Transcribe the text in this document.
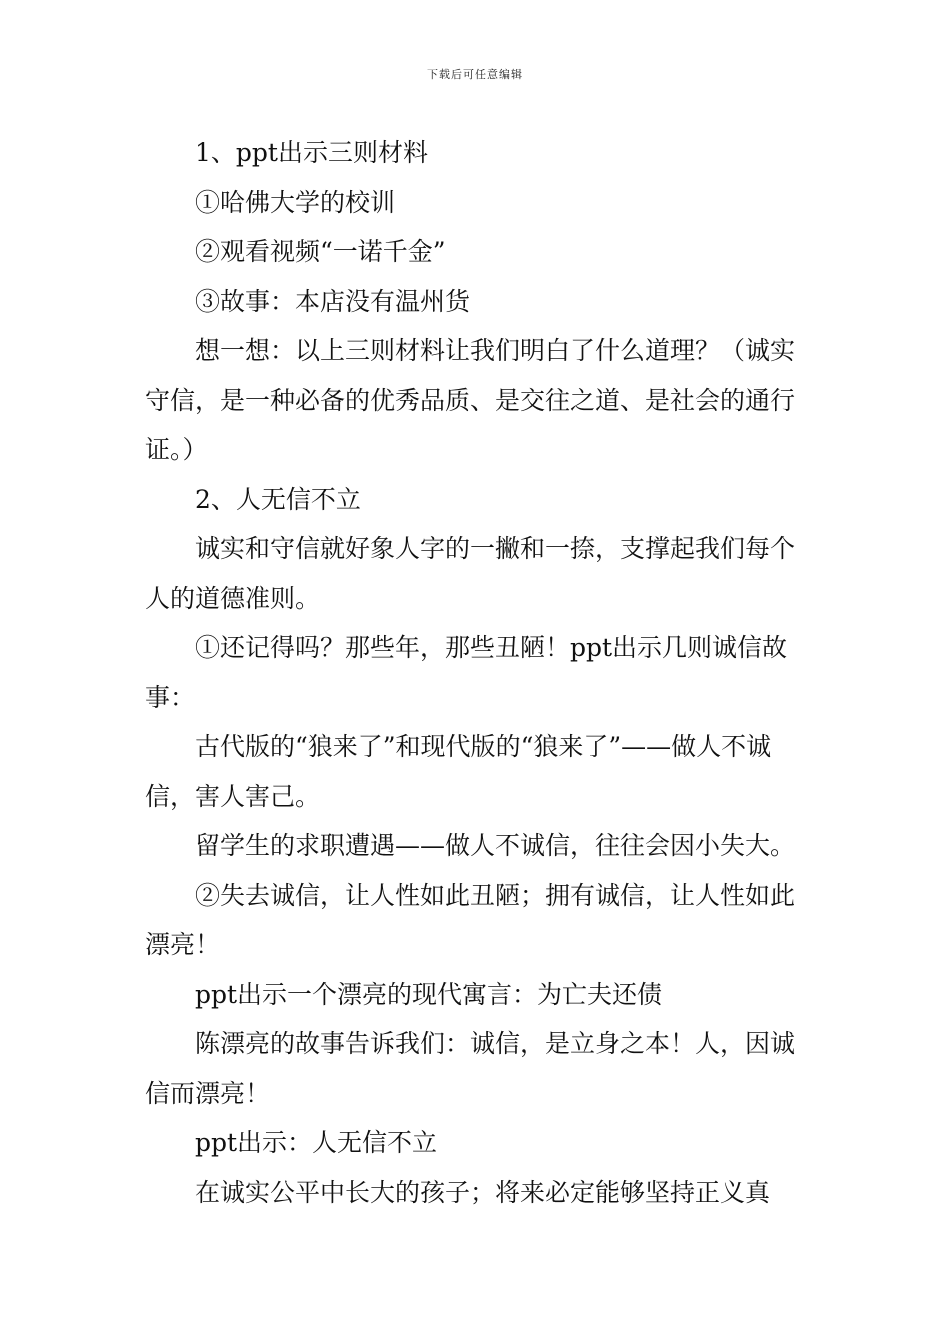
下载后可任意编辑

1、ppt出示三则材料

①哈佛大学的校训

②观看视频“一诺千金”

③故事：本店没有温州货

想一想：以上三则材料让我们明白了什么道理？（诚实守信，是一种必备的优秀品质、是交往之道、是社会的通行证。）

2、人无信不立

诚实和守信就好象人字的一撇和一捺，支撑起我们每个人的道德准则。

①还记得吗？那些年，那些丑陋！ppt出示几则诚信故事：

古代版的“狼来了”和现代版的“狼来了”——做人不诚信，害人害己。

留学生的求职遭遇——做人不诚信，往往会因小失大。

②失去诚信，让人性如此丑陋；拥有诚信，让人性如此漂亮！

ppt出示一个漂亮的现代寓言：为亡夫还债

陈漂亮的故事告诉我们：诚信，是立身之本！人，因诚信而漂亮！

ppt出示：人无信不立

在诚实公平中长大的孩子；将来必定能够坚持正义真
